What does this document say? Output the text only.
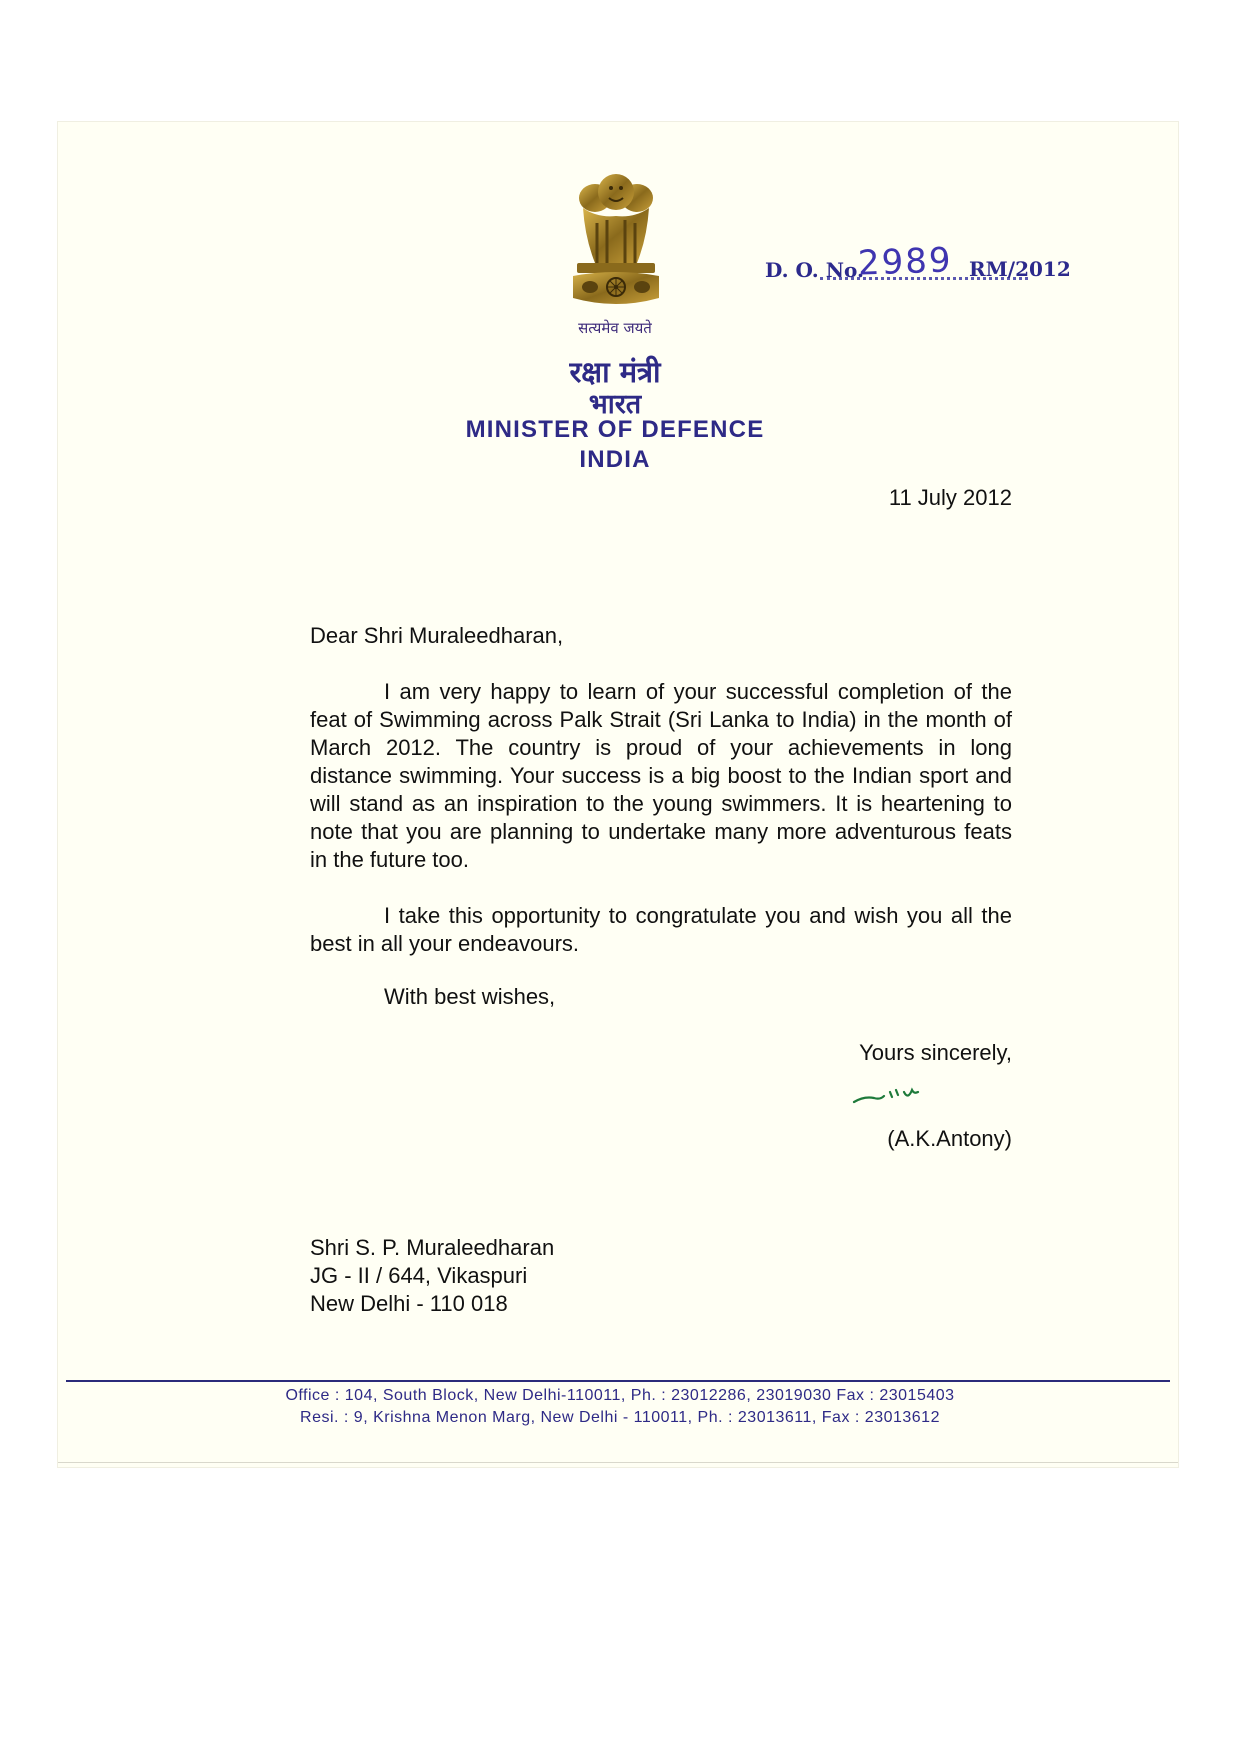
सत्यमेव जयते
रक्षा मंत्री
भारत
MINISTER OF DEFENCE
INDIA
D. O. No.
2989 RM/2012
11 July 2012
Dear Shri Muraleedharan,
I am very happy to learn of your successful completion of the feat of Swimming across Palk Strait (Sri Lanka to India) in the month of March 2012. The country is proud of your achievements in long distance swimming. Your success is a big boost to the Indian sport and will stand as an inspiration to the young swimmers. It is heartening to note that you are planning to undertake many more adventurous feats in the future too.
I take this opportunity to congratulate you and wish you all the best in all your endeavours.
With best wishes,
Yours sincerely,
(A.K.Antony)
Shri S. P. Muraleedharan
JG - II / 644, Vikaspuri
New Delhi - 110 018
Office : 104, South Block, New Delhi-110011, Ph. : 23012286, 23019030 Fax : 23015403
Resi. : 9, Krishna Menon Marg, New Delhi - 110011, Ph. : 23013611, Fax : 23013612
